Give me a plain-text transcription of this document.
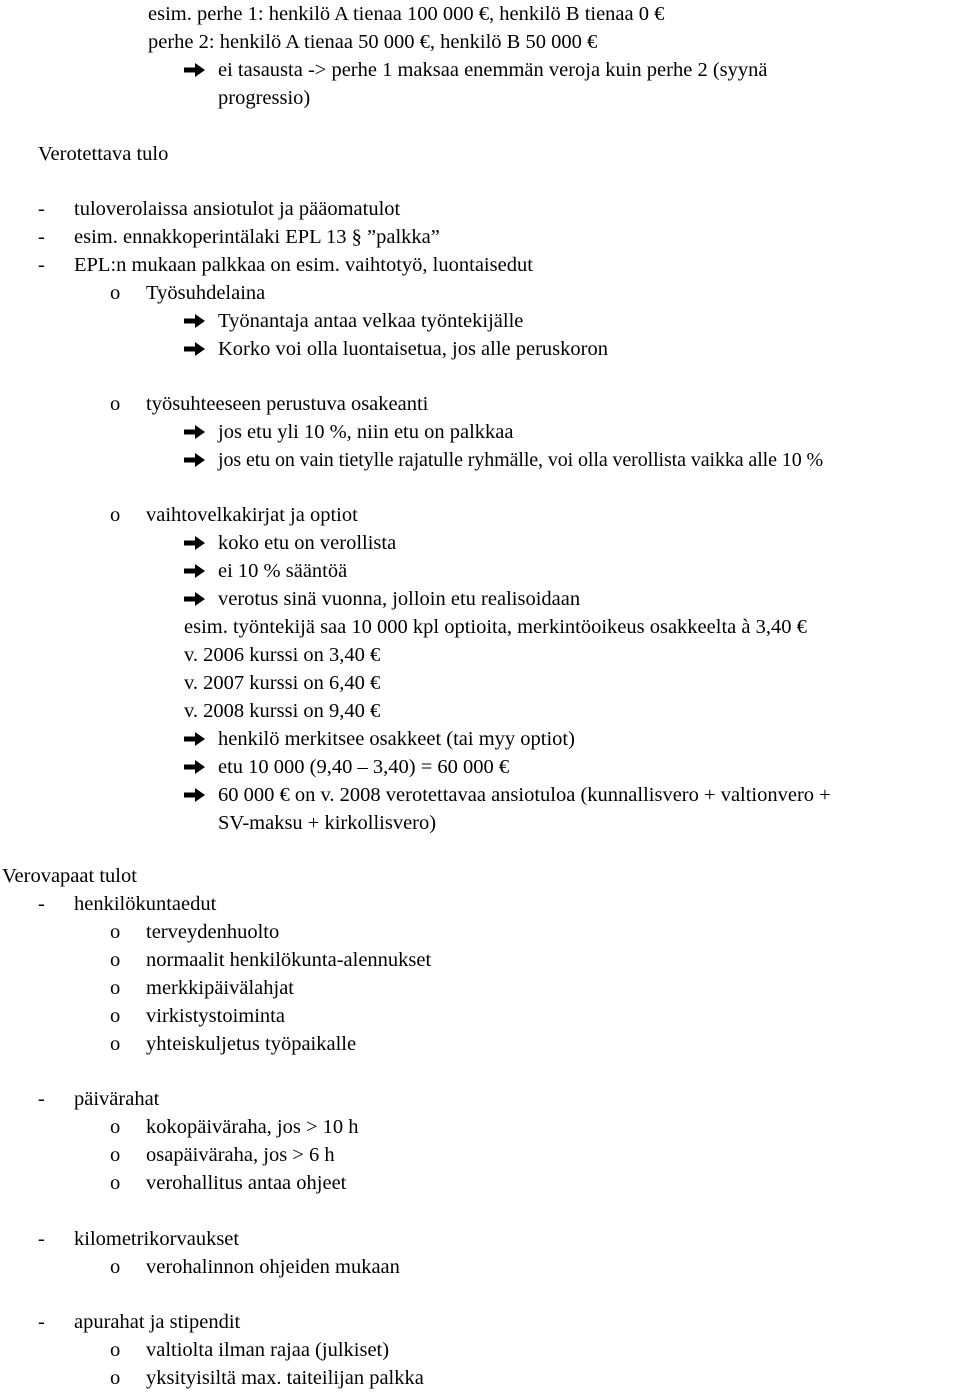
esim. perhe 1: henkilö A tienaa 100 000 €, henkilö B tienaa 0 €
perhe 2: henkilö A tienaa 50 000 €, henkilö B 50 000 €
ei tasausta -> perhe 1 maksaa enemmän veroja kuin perhe 2 (syynä
progressio)
Verotettava tulo
- tuloverolaissa ansiotulot ja pääomatulot
- esim. ennakkoperintälaki EPL 13 § ”palkka”
- EPL:n mukaan palkkaa on esim. vaihtotyö, luontaisedut
o Työsuhdelaina
Työnantaja antaa velkaa työntekijälle
Korko voi olla luontaisetua, jos alle peruskoron
o työsuhteeseen perustuva osakeanti
jos etu yli 10 %, niin etu on palkkaa
jos etu on vain tietylle rajatulle ryhmälle, voi olla verollista vaikka alle 10 %
o vaihtovelkakirjat ja optiot
koko etu on verollista
ei 10 % sääntöä
verotus sinä vuonna, jolloin etu realisoidaan
esim. työntekijä saa 10 000 kpl optioita, merkintöoikeus osakkeelta à 3,40 €
v. 2006 kurssi on 3,40 €
v. 2007 kurssi on 6,40 €
v. 2008 kurssi on 9,40 €
henkilö merkitsee osakkeet (tai myy optiot)
etu 10 000 (9,40 – 3,40) = 60 000 €
60 000 € on v. 2008 verotettavaa ansiotuloa (kunnallisvero + valtionvero +
SV-maksu + kirkollisvero)
Verovapaat tulot
- henkilökuntaedut
o terveydenhuolto
o normaalit henkilökunta-alennukset
o merkkipäivälahjat
o virkistystoiminta
o yhteiskuljetus työpaikalle
- päivärahat
o kokopäiväraha, jos > 10 h
o osapäiväraha, jos > 6 h
o verohallitus antaa ohjeet
- kilometrikorvaukset
o verohalinnon ohjeiden mukaan
- apurahat ja stipendit
o valtiolta ilman rajaa (julkiset)
o yksityisiltä max. taiteilijan palkka
